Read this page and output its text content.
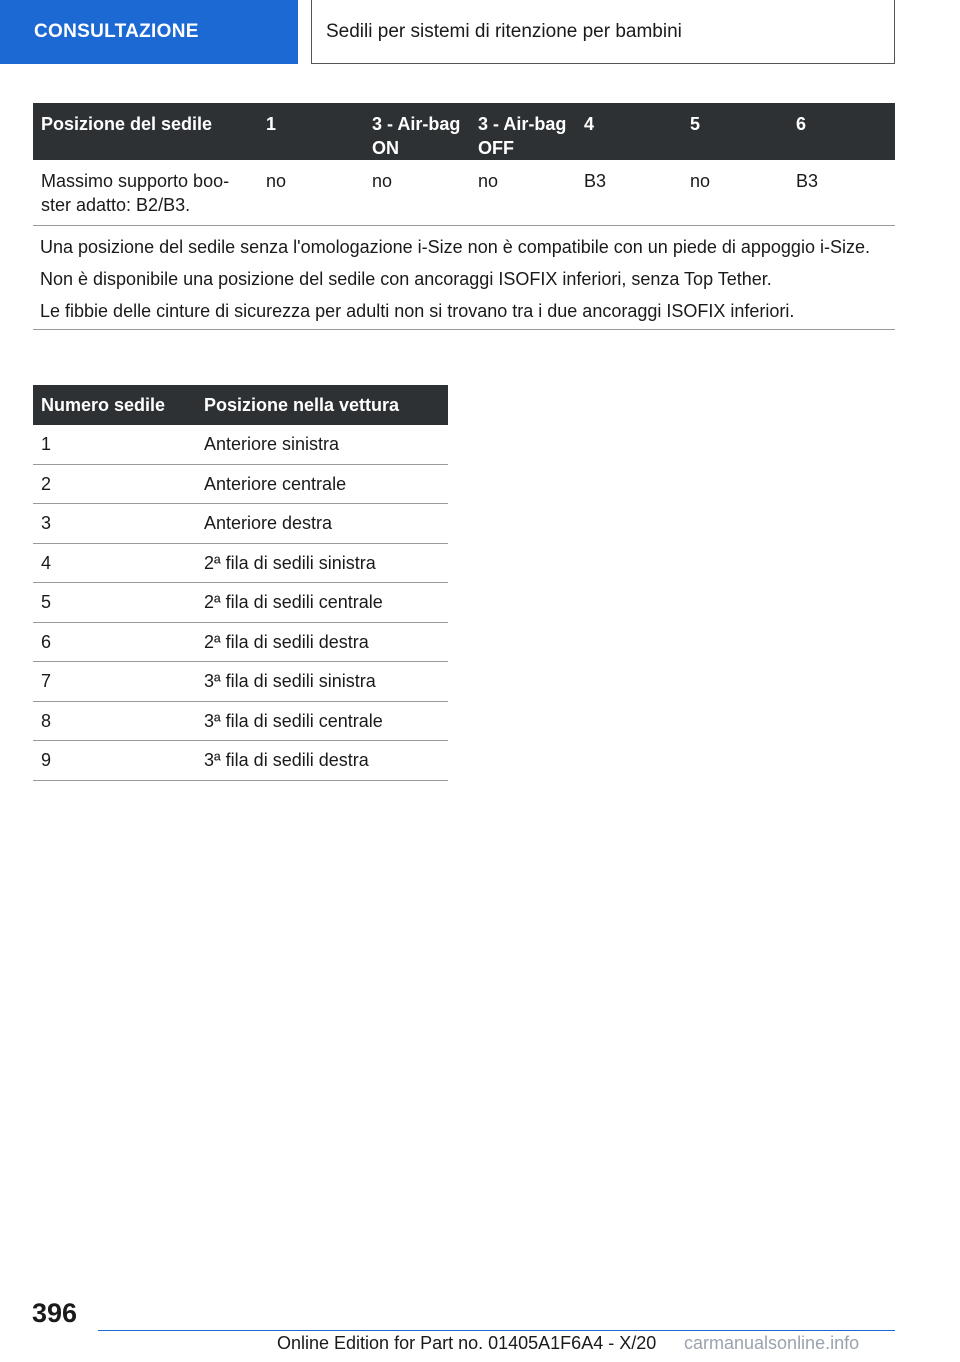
CONSULTAZIONE	Sedili per sistemi di ritenzione per bambini
Posizione del sedile	1	3 - Air-bag ON	3 - Air-bag OFF	4	5	6
Massimo supporto boo-ster adatto: B2/B3.	no	no	no	B3	no	B3

Una posizione del sedile senza l'omologazione i-Size non è compatibile con un piede di appoggio i-Size.

Non è disponibile una posizione del sedile con ancoraggi ISOFIX inferiori, senza Top Tether.

Le fibbie delle cinture di sicurezza per adulti non si trovano tra i due ancoraggi ISOFIX inferiori.						

Numero sedile	Posizione nella vettura
1	Anteriore sinistra
2	Anteriore centrale
3	Anteriore destra
4	2ª fila di sedili sinistra
5	2ª fila di sedili centrale
6	2ª fila di sedili destra
7	3ª fila di sedili sinistra
8	3ª fila di sedili centrale
9	3ª fila di sedili destra
396
Online Edition for Part no. 01405A1F6A4 - X/20 carmanualsonline.info
